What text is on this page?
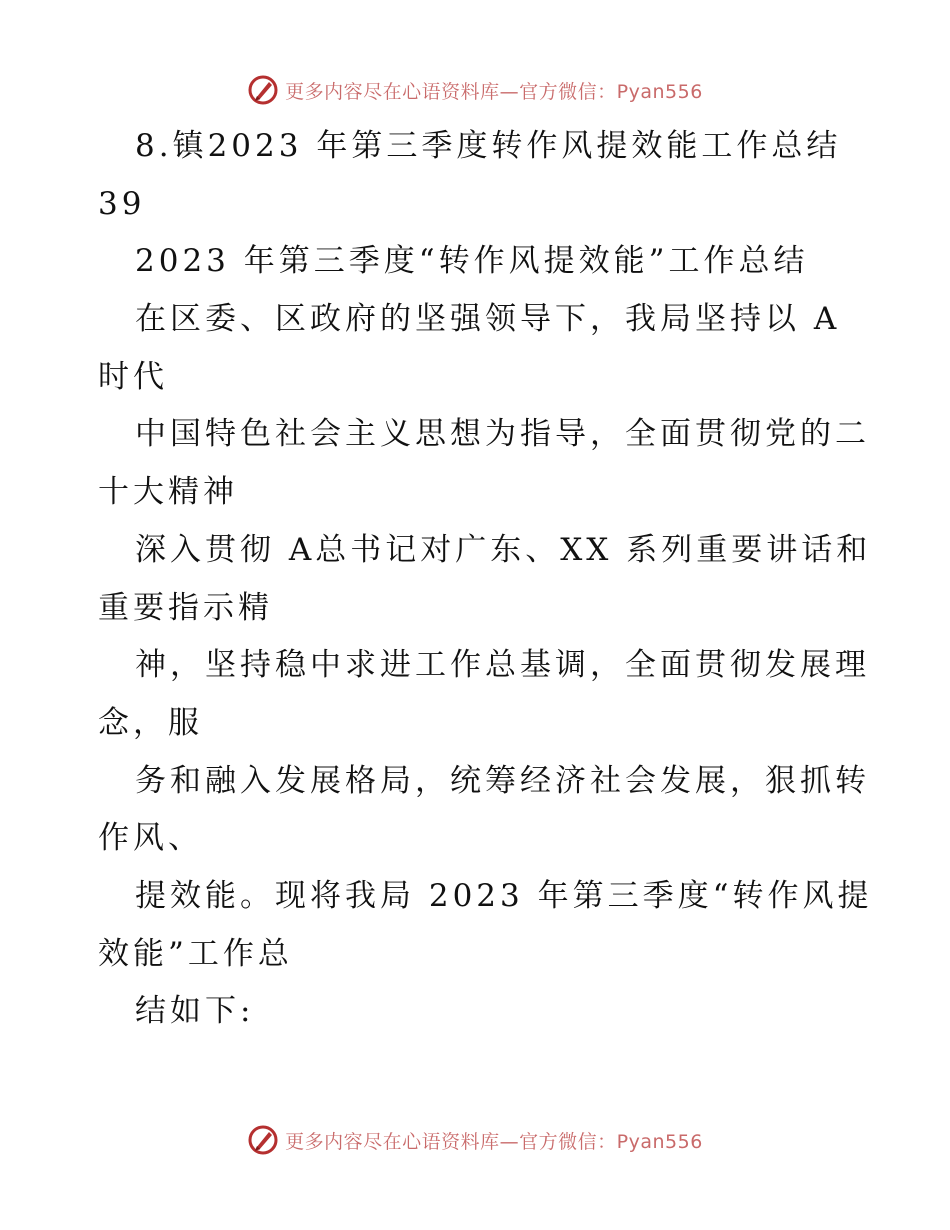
更多内容尽在心语资料库—官方微信：Pyan556
8.镇2023 年第三季度转作风提效能工作总结
39
2023 年第三季度“转作风提效能”工作总结
在区委、区政府的坚强领导下，我局坚持以 A
时代
中国特色社会主义思想为指导，全面贯彻党的二
十大精神
深入贯彻 A总书记对广东、XX 系列重要讲话和
重要指示精
神，坚持稳中求进工作总基调，全面贯彻发展理
念，服
务和融入发展格局，统筹经济社会发展，狠抓转
作风、
提效能。现将我局 2023 年第三季度“转作风提
效能”工作总
结如下:
更多内容尽在心语资料库—官方微信：Pyan556
